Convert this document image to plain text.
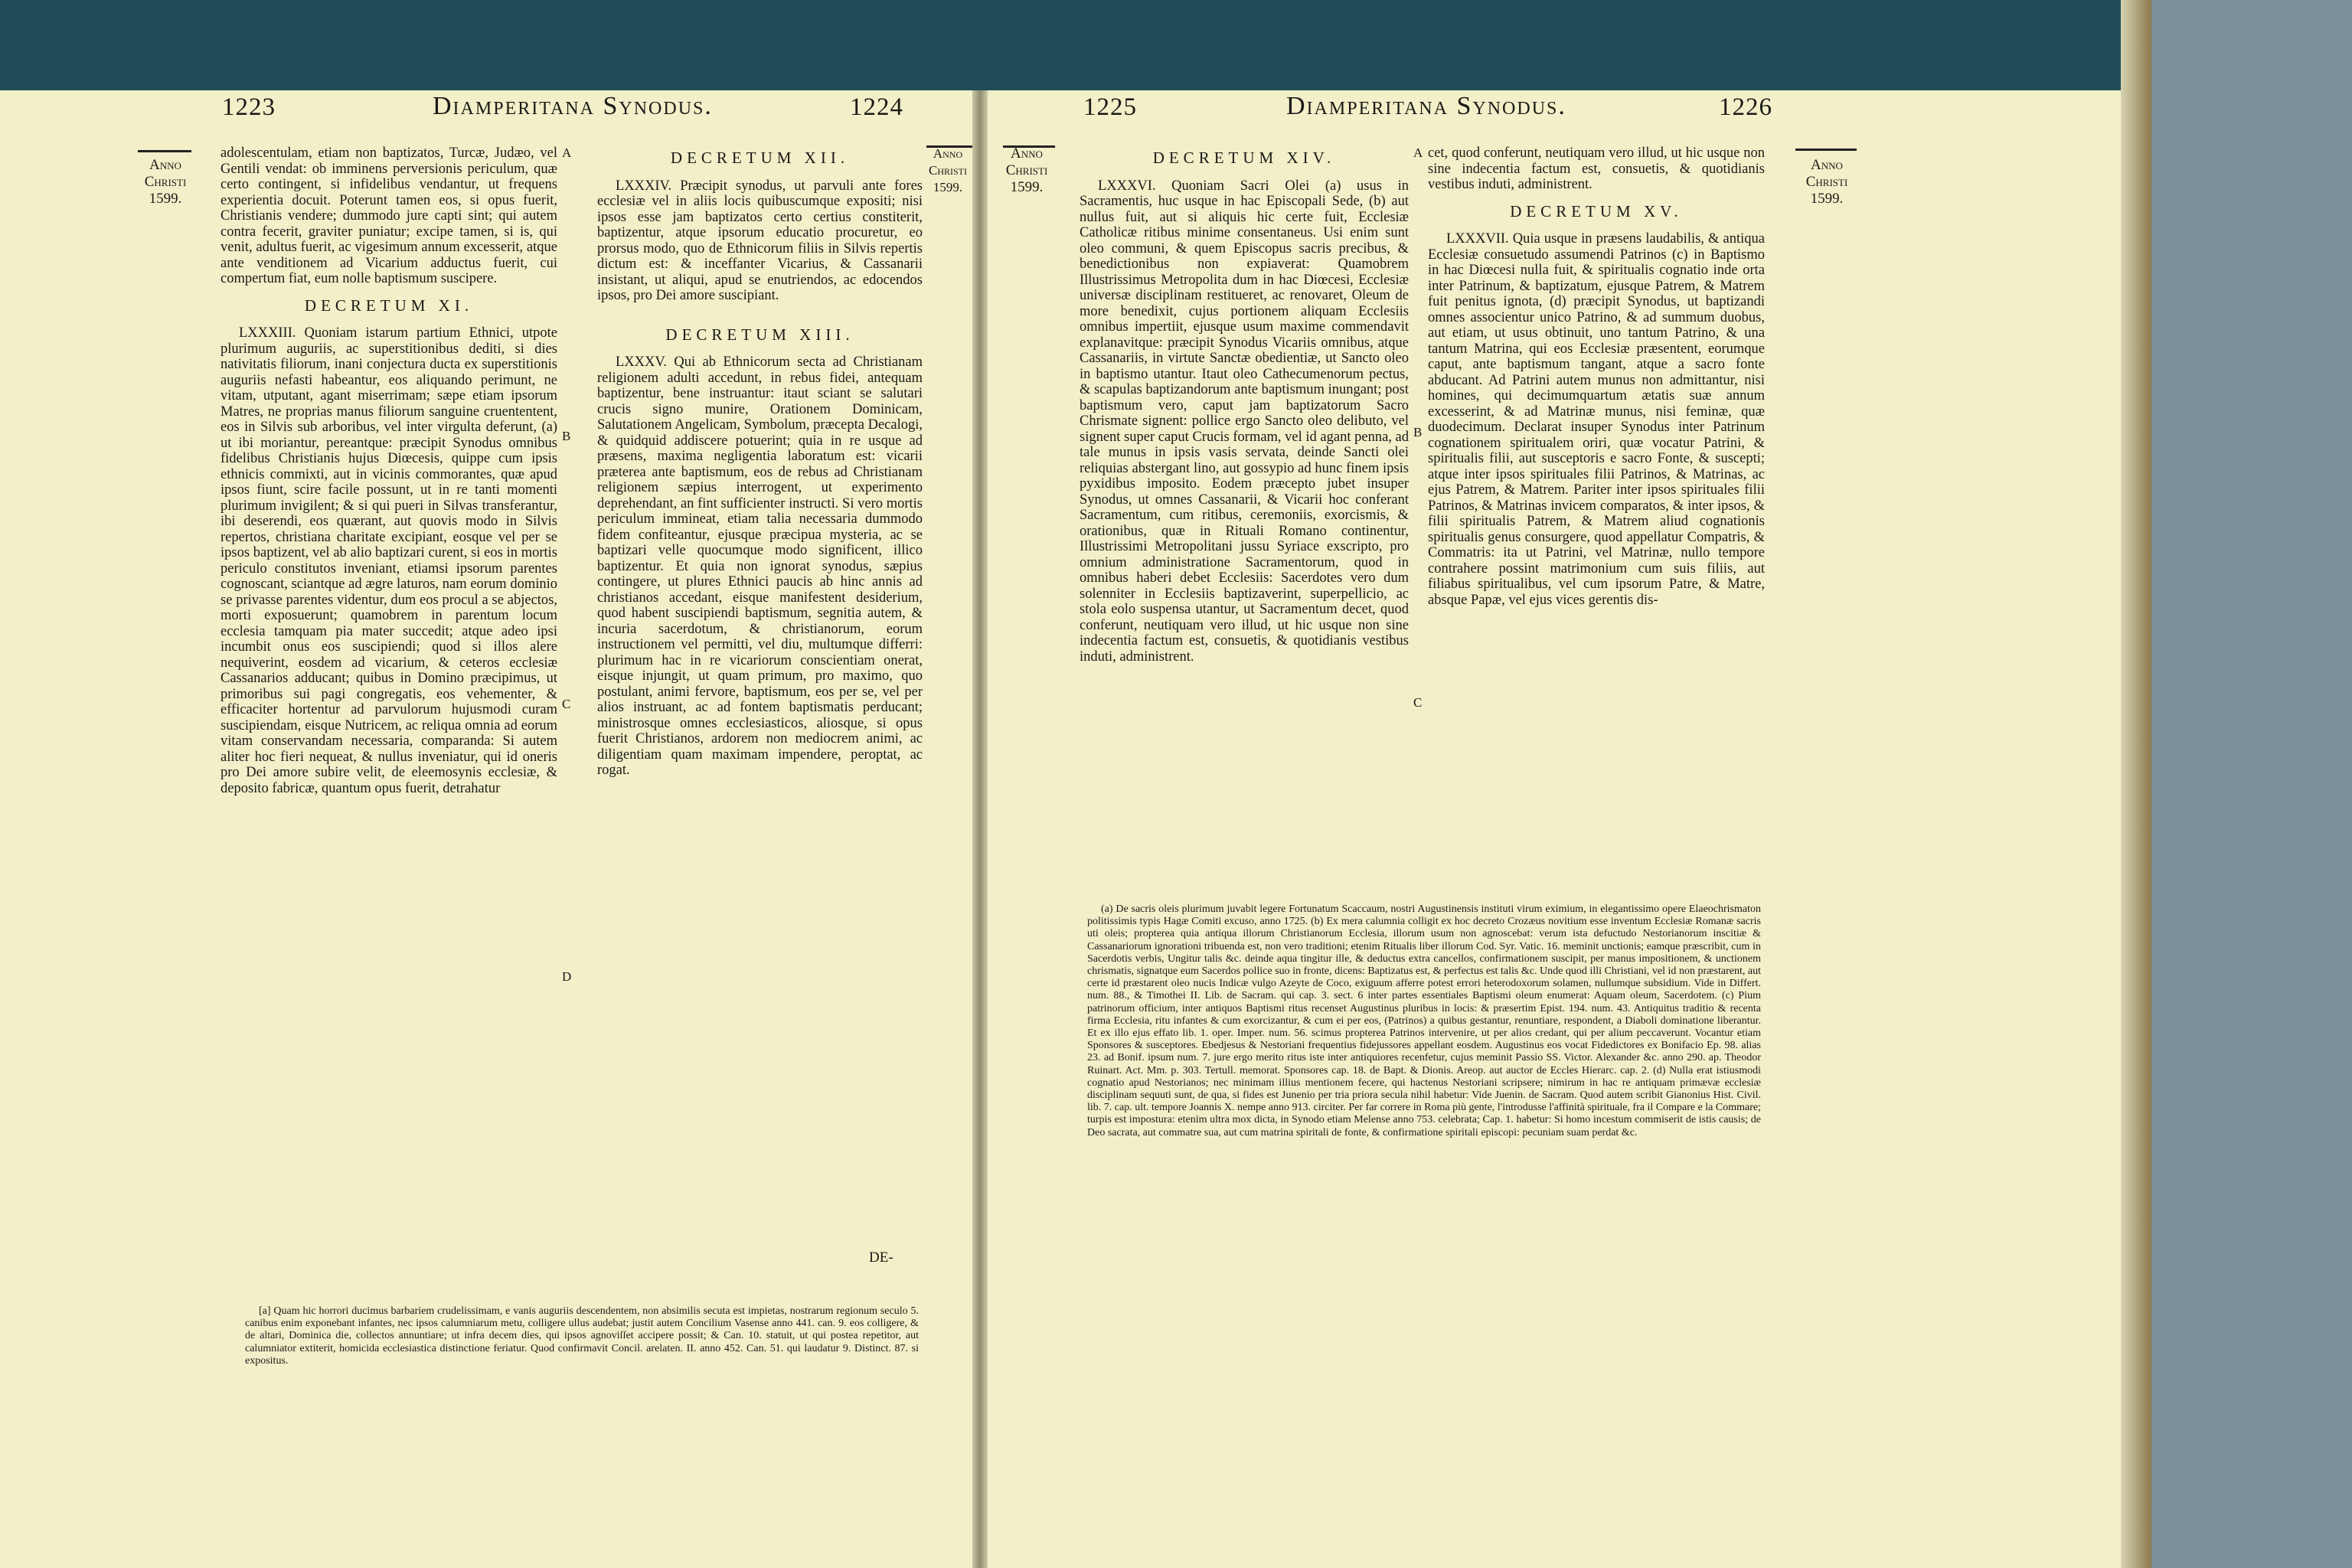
1223	Diamperitana Synodus.	1224
Anno Christi 1599.
Anno Christi 1599.

adolescentulam, etiam non baptizatos, Turcæ, Judæo, vel Gentili vendat: ob imminens perversionis periculum, quæ certo contingent, si infidelibus vendantur, ut frequens experientia docuit. Poterunt tamen eos, si opus fuerit, Christianis vendere; dummodo jure capti sint; qui autem contra fecerit, graviter puniatur; excipe tamen, si is, qui venit, adultus fuerit, ac vigesimum annum excesserit, atque ante venditionem ad Vicarium adductus fuerit, cui compertum fiat, eum nolle baptismum suscipere.

DECRETUM XI.

LXXXIII. Quoniam istarum partium Ethnici, utpote plurimum auguriis, ac superstitionibus dediti, si dies nativitatis filiorum, inani conjectura ducta ex superstitionis auguriis nefasti habeantur, eos aliquando perimunt, ne vitam, utputant, agant miserrimam; sæpe etiam ipsorum Matres, ne proprias manus filiorum sanguine cruententent, eos in Silvis sub arboribus, vel inter virgulta deferunt, (a) ut ibi moriantur, pereantque: præcipit Synodus omnibus fidelibus Christianis hujus Diœcesis, quippe cum ipsis ethnicis commixti, aut in vicinis commorantes, quæ apud ipsos fiunt, scire facile possunt, ut in re tanti momenti plurimum invigilent; & si qui pueri in Silvas transferantur, ibi deserendi, eos quærant, aut quovis modo in Silvis repertos, christiana charitate excipiant, eosque vel per se ipsos baptizent, vel ab alio baptizari curent, si eos in mortis periculo constitutos inveniant, etiamsi ipsorum parentes cognoscant, sciantque ad ægre laturos, nam eorum dominio se privasse parentes videntur, dum eos procul a se abjectos, morti exposuerunt; quamobrem in parentum locum ecclesia tamquam pia mater succedit; atque adeo ipsi incumbit onus eos suscipiendi; quod si illos alere nequiverint, eosdem ad vicarium, & ceteros ecclesiæ Cassanarios adducant; quibus in Domino præcipimus, ut primoribus sui pagi congregatis, eos vehementer, & efficaciter hortentur ad parvulorum hujusmodi curam suscipiendam, eisque Nutricem, ac reliqua omnia ad eorum vitam conservandam necessaria, comparanda: Si autem aliter hoc fieri nequeat, & nullus inveniatur, qui id oneris pro Dei amore subire velit, de eleemosynis ecclesiæ, & deposito fabricæ, quantum opus fuerit, detrahatur

DECRETUM XII.

LXXXIV. Præcipit synodus, ut parvuli ante fores ecclesiæ vel in aliis locis quibuscumque expositi; nisi ipsos esse jam baptizatos certo certius constiterit, baptizentur, atque ipsorum educatio procuretur, eo prorsus modo, quo de Ethnicorum filiis in Silvis repertis dictum est: & inceffanter Vicarius, & Cassanarii insistant, ut aliqui, apud se enutriendos, ac edocendos ipsos, pro Dei amore suscipiant.

DECRETUM XIII.

LXXXV. Qui ab Ethnicorum secta ad Christianam religionem adulti accedunt, in rebus fidei, antequam baptizentur, bene instruantur: itaut sciant se salutari crucis signo munire, Orationem Dominicam, Salutationem Angelicam, Symbolum, præcepta Decalogi, & quidquid addiscere potuerint; quia in re usque ad præsens, maxima negligentia laboratum est: vicarii præterea ante baptismum, eos de rebus ad Christianam religionem sæpius interrogent, ut experimento deprehendant, an fint sufficienter instructi. Si vero mortis periculum immineat, etiam talia necessaria dummodo fidem confiteantur, ejusque præcipua mysteria, ac se baptizari velle quocumque modo significent, illico baptizentur. Et quia non ignorat synodus, sæpius contingere, ut plures Ethnici paucis ab hinc annis ad christianos accedant, eisque manifestent desiderium, quod habent suscipiendi baptismum, segnitia autem, & incuria sacerdotum, & christianorum, eorum instructionem vel permitti, vel diu, multumque differri: plurimum hac in re vicariorum conscientiam onerat, eisque injungit, ut quam primum, pro maximo, quo postulant, animi fervore, baptismum, eos per se, vel per alios instruant, ac ad fontem baptismatis perducant; ministrosque omnes ecclesiasticos, aliosque, si opus fuerit Christianos, ardorem non mediocrem animi, ac diligentiam quam maximam impendere, peroptat, ac rogat.

A
B
C
D
DE-

[a] Quam hic horrori ducimus barbariem crudelissimam, e vanis auguriis descendentem, non absimilis secuta est impietas, nostrarum regionum seculo 5. canibus enim exponebant infantes, nec ipsos calumniarum metu, colligere ullus audebat; justit autem Concilium Vasense anno 441. can. 9. eos colligere, & de altari, Dominica die, collectos annuntiare; ut infra decem dies, qui ipsos agnoviſſet accipere possit; & Can. 10. statuit, ut qui postea repetitor, aut calumniator extiterit, homicida ecclesiastica distinctione feriatur. Quod confirmavit Concil. arelaten. II. anno 452. Can. 51. qui laudatur 9. Distinct. 87. si expositus.

1225	Diamperitana Synodus.	1226
Anno Christi 1599.
Anno Christi 1599.
DECRETUM XIV.

LXXXVI. Quoniam Sacri Olei (a) usus in Sacramentis, huc usque in hac Episcopali Sede, (b) aut nullus fuit, aut si aliquis hic certe fuit, Ecclesiæ Catholicæ ritibus minime consentaneus. Usi enim sunt oleo communi, & quem Episcopus sacris precibus, & benedictionibus non expiaverat: Quamobrem Illustrissimus Metropolita dum in hac Diœcesi, Ecclesiæ universæ disciplinam restitueret, ac renovaret, Oleum de more benedixit, cujus portionem aliquam Ecclesiis omnibus impertiit, ejusque usum maxime commendavit explanavitque: præcipit Synodus Vicariis omnibus, atque Cassanariis, in virtute Sanctæ obedientiæ, ut Sancto oleo in baptismo utantur. Itaut oleo Cathecumenorum pectus, & scapulas baptizandorum ante baptismum inungant; post baptismum vero, caput jam baptizatorum Sacro Chrismate signent: pollice ergo Sancto oleo delibuto, vel signent super caput Crucis formam, vel id agant penna, ad tale munus in ipsis vasis servata, deinde Sancti olei reliquias abstergant lino, aut gossypio ad hunc finem ipsis pyxidibus imposito. Eodem præcepto jubet insuper Synodus, ut omnes Cassanarii, & Vicarii hoc conferant Sacramentum, cum ritibus, ceremoniis, exorcismis, & orationibus, quæ in Rituali Romano continentur, Illustrissimi Metropolitani jussu Syriace exscripto, pro omnium administratione Sacramentorum, quod in omnibus haberi debet Ecclesiis: Sacerdotes vero dum solenniter in Ecclesiis baptizaverint, superpellicio, ac stola eolo suspensa utantur, ut Sacramentum decet, quod conferunt, neutiquam vero illud, ut hic usque non sine indecentia factum est, consuetis, & quotidianis vestibus induti, administrent.

cet, quod conferunt, neutiquam vero illud, ut hic usque non sine indecentia factum est, consuetis, & quotidianis vestibus induti, administrent.

DECRETUM XV.

LXXXVII. Quia usque in præsens laudabilis, & antiqua Ecclesiæ consuetudo assumendi Patrinos (c) in Baptismo in hac Diœcesi nulla fuit, & spiritualis cognatio inde orta inter Patrinum, & baptizatum, ejusque Patrem, & Matrem fuit penitus ignota, (d) præcipit Synodus, ut baptizandi omnes associentur unico Patrino, & ad summum duobus, aut etiam, ut usus obtinuit, uno tantum Patrino, & una tantum Matrina, qui eos Ecclesiæ præsentent, eorumque caput, ante baptismum tangant, atque a sacro fonte abducant. Ad Patrini autem munus non admittantur, nisi homines, qui decimumquartum ætatis suæ annum excesserint, & ad Matrinæ munus, nisi feminæ, quæ duodecimum. Declarat insuper Synodus inter Patrinum cognationem spiritualem oriri, quæ vocatur Patrini, & spiritualis filii, aut susceptoris e sacro Fonte, & suscepti; atque inter ipsos spirituales filii Patrinos, & Matrinas, ac ejus Patrem, & Matrem. Pariter inter ipsos spirituales filii Patrinos, & Matrinas invicem comparatos, & inter ipsos, & filii spiritualis Patrem, & Matrem aliud cognationis spiritualis genus consurgere, quod appellatur Compatris, & Commatris: ita ut Patrini, vel Matrinæ, nullo tempore contrahere possint matrimonium cum suis filiis, aut filiabus spiritualibus, vel cum ipsorum Patre, & Matre, absque Papæ, vel ejus vices gerentis dis-

A
B
C

(a) De sacris oleis plurimum juvabit legere Fortunatum Scaccaum, nostri Augustinensis instituti virum eximium, in elegantissimo opere Elaeochrismaton politissimis typis Hagæ Comiti excuso, anno 1725. (b) Ex mera calumnia colligit ex hoc decreto Crozæus novitium esse inventum Ecclesiæ Romanæ sacris uti oleis; propterea quia antiqua illorum Christianorum Ecclesia, illorum usum non agnoscebat: verum ista defuctudo Nestorianorum inscitiæ & Cassanariorum ignorationi tribuenda est, non vero traditioni; etenim Ritualis liber illorum Cod. Syr. Vatic. 16. meminit unctionis; eamque præscribit, cum in Sacerdotis verbis, Ungitur talis &c. deinde aqua tingitur ille, & deductus extra cancellos, confirmationem suscipit, per manus impositionem, & unctionem chrismatis, signatque eum Sacerdos pollice suo in fronte, dicens: Baptizatus est, & perfectus est talis &c. Unde quod illi Christiani, vel id non præstarent, aut certe id præstarent oleo nucis Indicæ vulgo Azeyte de Coco, exiguum afferre potest errori heterodoxorum solamen, nullumque subsidium. Vide in Differt. num. 88., & Timothei II. Lib. de Sacram. qui cap. 3. sect. 6 inter partes essentiales Baptismi oleum enumerat: Aquam oleum, Sacerdotem. (c) Pium patrinorum officium, inter antiquos Baptismi ritus recenset Augustinus pluribus in locis: & præsertim Epist. 194. num. 43. Antiquitus traditio & recenta firma Ecclesia, ritu infantes & cum exorcizantur, & cum ei per eos, (Patrinos) a quibus gestantur, renuntiare, respondent, a Diaboli dominatione liberantur. Et ex illo ejus effato lib. 1. oper. Imper. num. 56. scimus propterea Patrinos intervenire, ut per alios credant, qui per alium peccaverunt. Vocantur etiam Sponsores & susceptores. Ebedjesus & Nestoriani frequentius fidejussores appellant eosdem. Augustinus eos vocat Fidedictores ex Bonifacio Ep. 98. alias 23. ad Bonif. ipsum num. 7. jure ergo merito ritus iste inter antiquiores recenfetur, cujus meminit Passio SS. Victor. Alexander &c. anno 290. ap. Theodor Ruinart. Act. Mm. p. 303. Tertull. memorat. Sponsores cap. 18. de Bapt. & Dionis. Areop. aut auctor de Eccles Hierarc. cap. 2. (d) Nulla erat istiusmodi cognatio apud Nestorianos; nec minimam illius mentionem fecere, qui hactenus Nestoriani scripsere; nimirum in hac re antiquam primævæ ecclesiæ disciplinam sequuti sunt, de qua, si fides est Junenio per tria priora secula nihil habetur: Vide Juenin. de Sacram. Quod autem scribit Gianonius Hist. Civil. lib. 7. cap. ult. tempore Joannis X. nempe anno 913. circiter. Per far correre in Roma più gente, l'introdusse l'affinità spirituale, fra il Compare e la Commare; turpis est impostura: etenim ultra mox dicta, in Synodo etiam Melense anno 753. celebrata; Cap. 1. habetur: Si homo incestum commiserit de istis causis; de Deo sacrata, aut commatre sua, aut cum matrina spiritali de fonte, & confirmatione spiritali episcopi: pecuniam suam perdat &c.
